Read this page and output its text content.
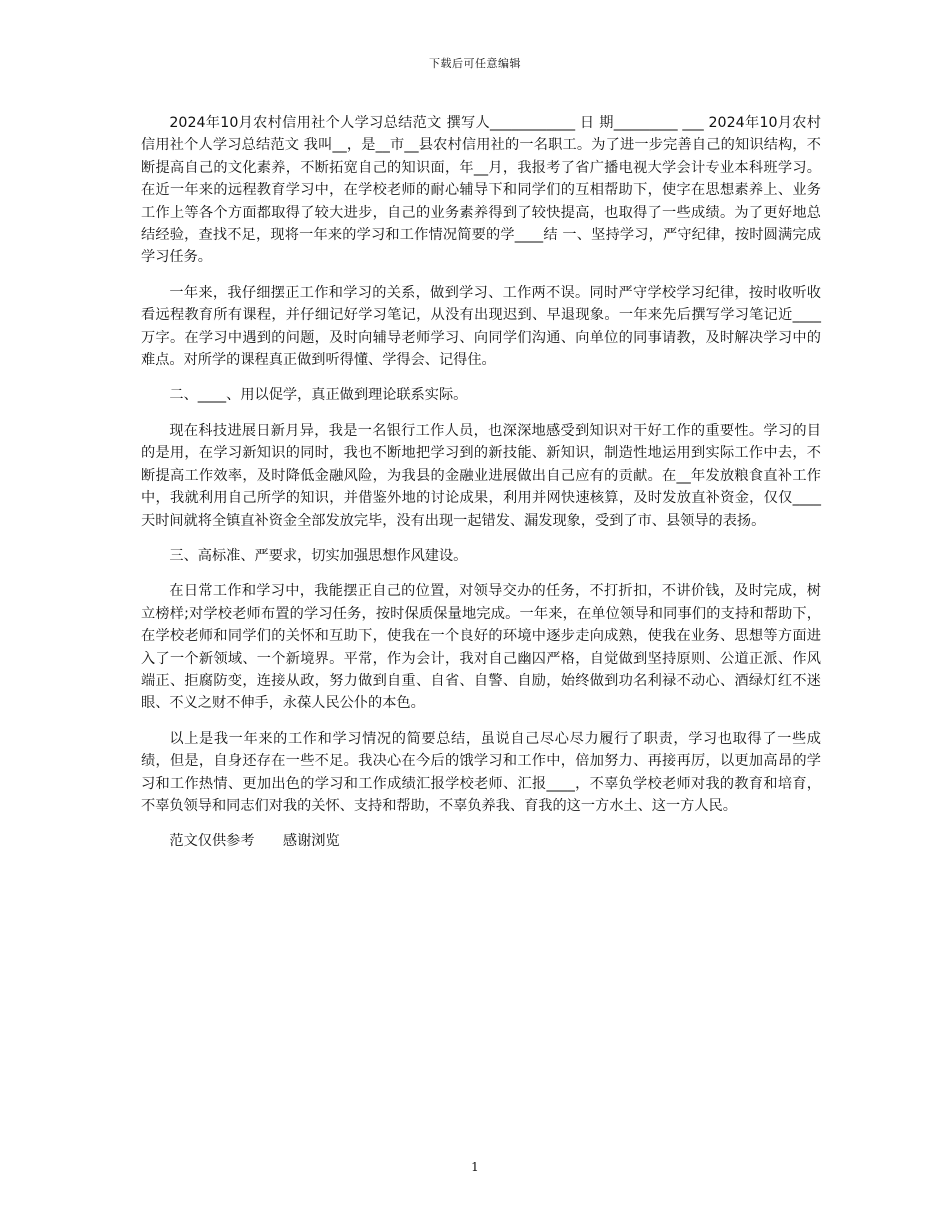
下载后可任意编辑

2024年10月农村信用社个人学习总结范文 撰写人____________ 日 期_________ ___ 2024年10月农村信用社个人学习总结范文 我叫__，是__市__县农村信用社的一名职工。为了进一步完善自己的知识结构，不断提高自己的文化素养，不断拓宽自己的知识面，年__月，我报考了省广播电视大学会计专业本科班学习。在近一年来的远程教育学习中，在学校老师的耐心辅导下和同学们的互相帮助下，使字在思想素养上、业务工作上等各个方面都取得了较大进步，自己的业务素养得到了较快提高，也取得了一些成绩。为了更好地总结经验，查找不足，现将一年来的学习和工作情况简要的学____结 一、坚持学习，严守纪律，按时圆满完成学习任务。

一年来，我仔细摆正工作和学习的关系，做到学习、工作两不误。同时严守学校学习纪律，按时收听收看远程教育所有课程，并仔细记好学习笔记，从没有出现迟到、早退现象。一年来先后撰写学习笔记近____万字。在学习中遇到的问题，及时向辅导老师学习、向同学们沟通、向单位的同事请教，及时解决学习中的难点。对所学的课程真正做到听得懂、学得会、记得住。

二、____、用以促学，真正做到理论联系实际。

现在科技进展日新月异，我是一名银行工作人员，也深深地感受到知识对干好工作的重要性。学习的目的是用，在学习新知识的同时，我也不断地把学习到的新技能、新知识，制造性地运用到实际工作中去，不断提高工作效率，及时降低金融风险，为我县的金融业进展做出自己应有的贡献。在__年发放粮食直补工作中，我就利用自己所学的知识，并借鉴外地的讨论成果，利用并网快速核算，及时发放直补资金，仅仅____天时间就将全镇直补资金全部发放完毕，没有出现一起错发、漏发现象，受到了市、县领导的表扬。

三、高标准、严要求，切实加强思想作风建设。

在日常工作和学习中，我能摆正自己的位置，对领导交办的任务，不打折扣，不讲价钱，及时完成，树立榜样;对学校老师布置的学习任务，按时保质保量地完成。一年来，在单位领导和同事们的支持和帮助下，在学校老师和同学们的关怀和互助下，使我在一个良好的环境中逐步走向成熟，使我在业务、思想等方面进入了一个新领域、一个新境界。平常，作为会计，我对自己幽囚严格，自觉做到坚持原则、公道正派、作风端正、拒腐防变，连接从政，努力做到自重、自省、自警、自励，始终做到功名利禄不动心、酒绿灯红不迷眼、不义之财不伸手，永葆人民公仆的本色。

以上是我一年来的工作和学习情况的简要总结，虽说自己尽心尽力履行了职责，学习也取得了一些成绩，但是，自身还存在一些不足。我决心在今后的饿学习和工作中，倍加努力、再接再厉，以更加高昂的学习和工作热情、更加出色的学习和工作成绩汇报学校老师、汇报____，不辜负学校老师对我的教育和培育，不辜负领导和同志们对我的关怀、支持和帮助，不辜负养我、育我的这一方水土、这一方人民。

范文仅供参考　　感谢浏览

1
